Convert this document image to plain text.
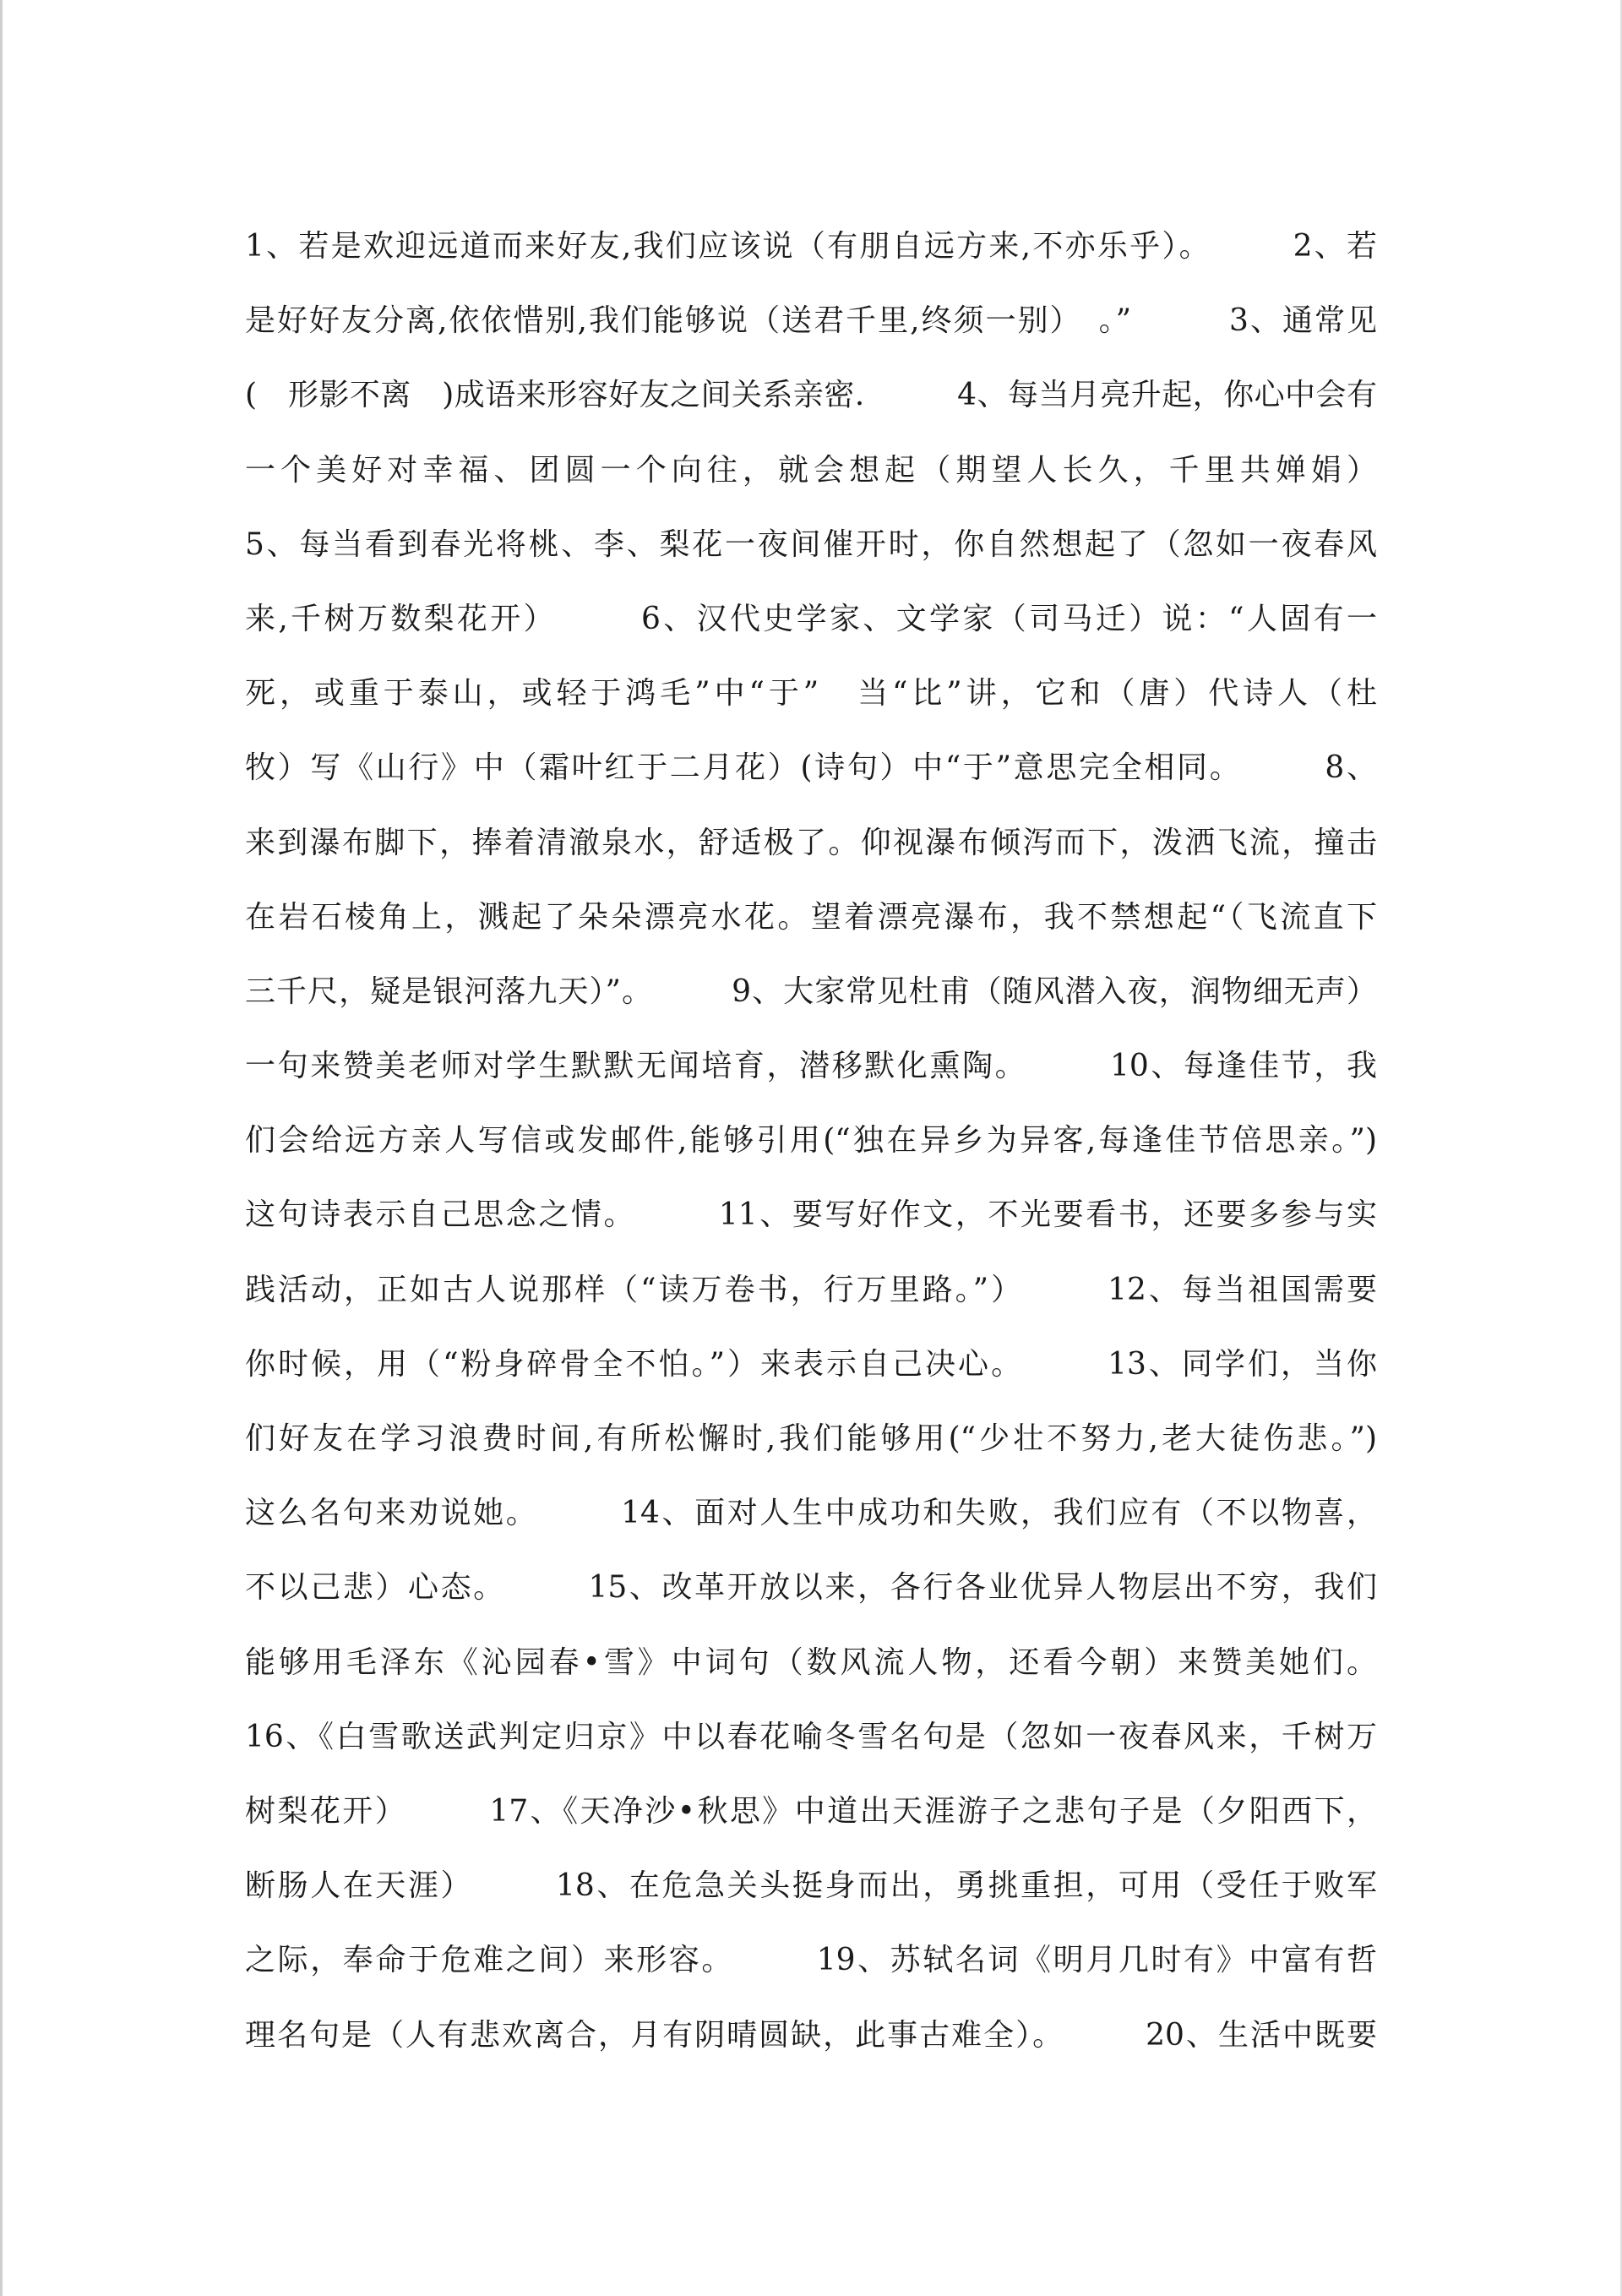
1、若是欢迎远道而来好友,我们应该说（有朋自远方来,不亦乐乎）。　　　2、若
是好好友分离,依依惜别,我们能够说（送君千里,终须一别）　。”　　　3、通常见
(　形影不离　)成语来形容好友之间关系亲密.　　　4、每当月亮升起，你心中会有
一个美好对幸福、团圆一个向往，就会想起（期望人长久，千里共婵娟）
5、每当看到春光将桃、李、梨花一夜间催开时，你自然想起了（忽如一夜春风
来,千树万数梨花开）　　　6、汉代史学家、文学家（司马迁）说：“人固有一
死，或重于泰山，或轻于鸿毛”中“于”　当“比”讲，它和（唐）代诗人（杜
牧）写《山行》中（霜叶红于二月花）(诗句）中“于”意思完全相同。　　　8、
来到瀑布脚下，捧着清澈泉水，舒适极了。仰视瀑布倾泻而下，泼洒飞流，撞击
在岩石棱角上，溅起了朵朵漂亮水花。望着漂亮瀑布，我不禁想起“（飞流直下
三千尺，疑是银河落九天）”。　　　9、大家常见杜甫（随风潜入夜，润物细无声）
一句来赞美老师对学生默默无闻培育，潜移默化熏陶。　　　10、每逢佳节，我
们会给远方亲人写信或发邮件,能够引用(“独在异乡为异客,每逢佳节倍思亲。”)
这句诗表示自己思念之情。　　　11、要写好作文，不光要看书，还要多参与实
践活动，正如古人说那样（“读万卷书，行万里路。”）　　　12、每当祖国需要
你时候，用（“粉身碎骨全不怕。”）来表示自己决心。　　　13、同学们，当你
们好友在学习浪费时间,有所松懈时,我们能够用(“少壮不努力,老大徒伤悲。”)
这么名句来劝说她。　　　14、面对人生中成功和失败，我们应有（不以物喜，
不以己悲）心态。　　　15、改革开放以来，各行各业优异人物层出不穷，我们
能够用毛泽东《沁园春•雪》中词句（数风流人物，还看今朝）来赞美她们。
16、《白雪歌送武判定归京》中以春花喻冬雪名句是（忽如一夜春风来，千树万
树梨花开）　　　17、《天净沙•秋思》中道出天涯游子之悲句子是（夕阳西下，
断肠人在天涯）　　　18、在危急关头挺身而出，勇挑重担，可用（受任于败军
之际，奉命于危难之间）来形容。　　　19、苏轼名词《明月几时有》中富有哲
理名句是（人有悲欢离合，月有阴晴圆缺，此事古难全）。　　　20、生活中既要
